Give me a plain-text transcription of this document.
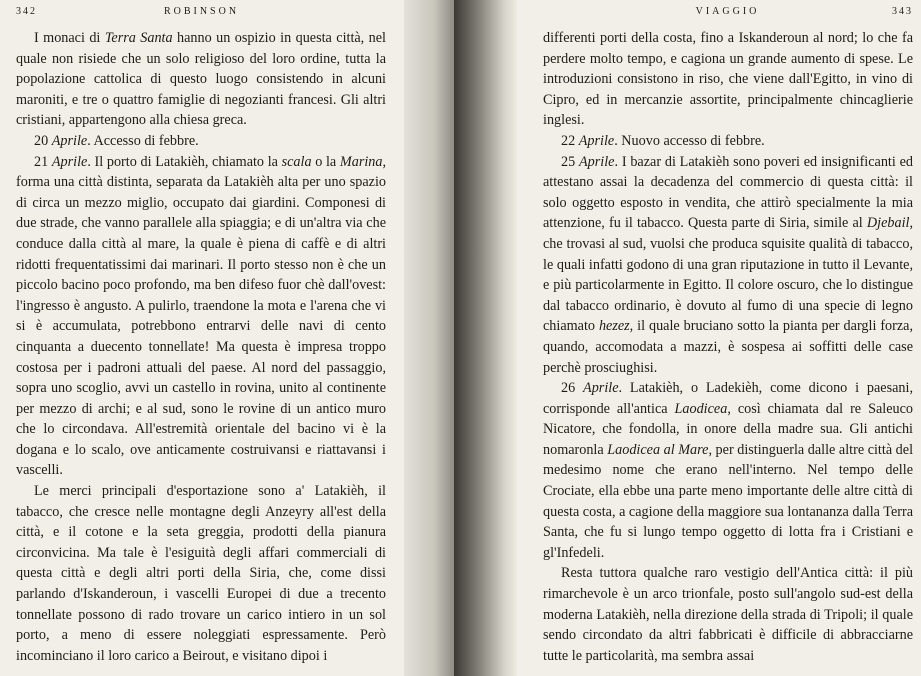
342	ROBINSON

I monaci di Terra Santa hanno un ospizio in questa città, nel quale non risiede che un solo religioso del loro ordine, tutta la popolazione cattolica di questo luogo consistendo in alcuni maroniti, e tre o quattro famiglie di negozianti francesi. Gli altri cristiani, appartengono alla chiesa greca.

20 Aprile. Accesso di febbre.

21 Aprile. Il porto di Latakièh, chiamato la scala o la Marina, forma una città distinta, separata da Latakièh alta per uno spazio di circa un mezzo miglio, occupato dai giardini. Componesi di due strade, che vanno parallele alla spiaggia; e di un'altra via che conduce dalla città al mare, la quale è piena di caffè e di altri ridotti frequentatissimi dai marinari. Il porto stesso non è che un piccolo bacino poco profondo, ma ben difeso fuor chè dall'ovest: l'ingresso è angusto. A pulirlo, traendone la mota e l'arena che vi si è accumulata, potrebbono entrarvi delle navi di cento cinquanta a duecento tonnellate! Ma questa è impresa troppo costosa per i padroni attuali del paese. Al nord del passaggio, sopra uno scoglio, avvi un castello in rovina, unito al continente per mezzo di archi; e al sud, sono le rovine di un antico muro che lo circondava. All'estremità orientale del bacino vi è la dogana e lo scalo, ove anticamente costruivansi e riattavansi i vascelli.

Le merci principali d'esportazione sono a' Latakièh, il tabacco, che cresce nelle montagne degli Anzeyry all'est della città, e il cotone e la seta greggia, prodotti della pianura circonvicina. Ma tale è l'esiguità degli affari commerciali di questa città e degli altri porti della Siria, che, come dissi parlando d'Iskanderoun, i vascelli Europei di due a trecento tonnellate possono di rado trovare un carico intiero in un sol porto, a meno di essere noleggiati espressamente. Però incominciano il loro carico a Beirout, e visitano dipoi i

VIAGGIO	343

differenti porti della costa, fino a Iskanderoun al nord; lo che fa perdere molto tempo, e cagiona un grande aumento di spese. Le introduzioni consistono in riso, che viene dall'Egitto, in vino di Cipro, ed in mercanzie assortite, principalmente chincaglierie inglesi.

22 Aprile. Nuovo accesso di febbre.

25 Aprile. I bazar di Latakièh sono poveri ed insignificanti ed attestano assai la decadenza del commercio di questa città: il solo oggetto esposto in vendita, che attirò specialmente la mia attenzione, fu il tabacco. Questa parte di Siria, simile al Djebail, che trovasi al sud, vuolsi che produca squisite qualità di tabacco, le quali infatti godono di una gran riputazione in tutto il Levante, e più particolarmente in Egitto. Il colore oscuro, che lo distingue dal tabacco ordinario, è dovuto al fumo di una specie di legno chiamato hezez, il quale bruciano sotto la pianta per dargli forza, quando, accomodata a mazzi, è sospesa ai soffitti delle case perchè prosciughisi.

26 Aprile. Latakièh, o Ladekièh, come dicono i paesani, corrisponde all'antica Laodicea, così chiamata dal re Saleuco Nicatore, che fondolla, in onore della madre sua. Gli antichi nomaronla Laodicea al Mare, per distinguerla dalle altre città del medesimo nome che erano nell'interno. Nel tempo delle Crociate, ella ebbe una parte meno importante delle altre città di questa costa, a cagione della maggiore sua lontananza dalla Terra Santa, che fu si lungo tempo oggetto di lotta fra i Cristiani e gl'Infedeli.

Resta tuttora qualche raro vestigio dell'Antica città: il più rimarchevole è un arco trionfale, posto sull'angolo sud-est della moderna Latakièh, nella direzione della strada di Tripoli; il quale sendo circondato da altri fabbricati è difficile di abbracciarne tutte le particolarità, ma sembra assai
